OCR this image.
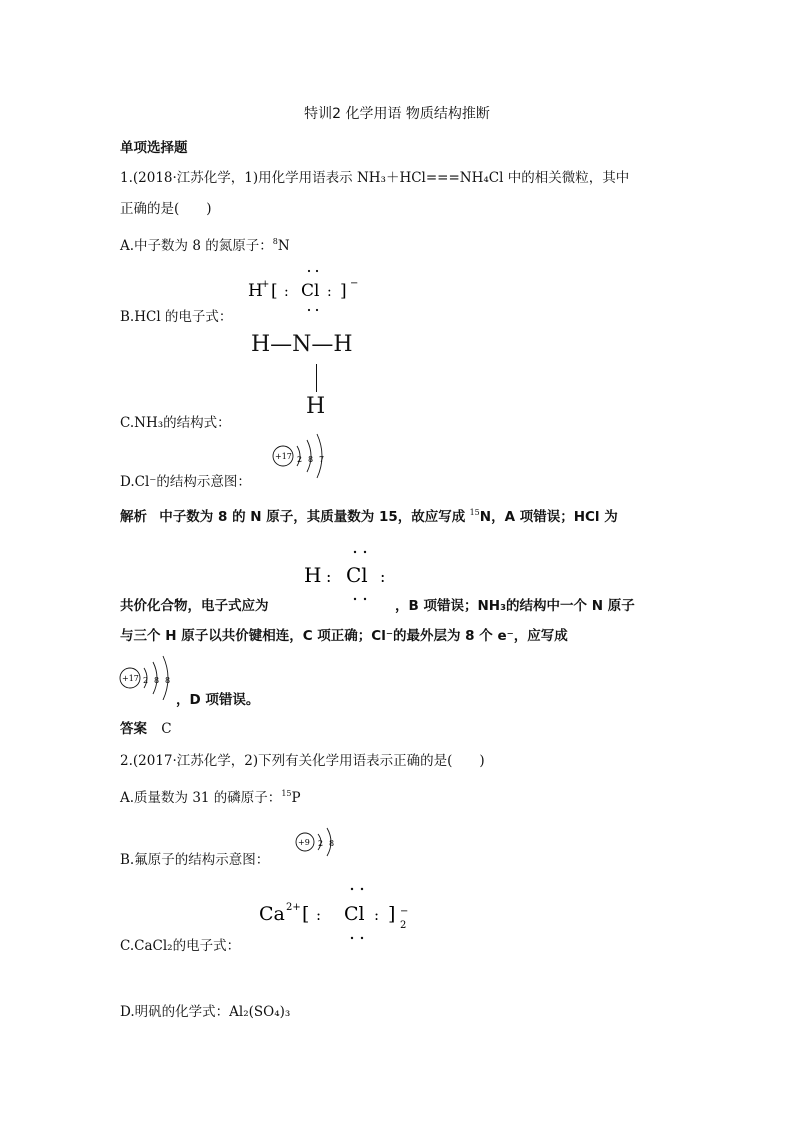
特训2 化学用语 物质结构推断
单项选择题
1.(2018·江苏化学，1)用化学用语表示 NH₃＋HCl===NH₄Cl 中的相关微粒，其中
正确的是(　　)
A.中子数为 8 的氮原子：$^8$N
H
+ [ : Cl : ] −
B.HCl 的电子式：
H—N—H
H
C.NH₃的结构式：
D.Cl⁻的结构示意图：
+17 2 8 7
解析 中子数为 8 的 N 原子，其质量数为 15，故应写成 $^{15}$N，A 项错误；HCl 为
H : Cl :
共价化合物，电子式应为	，B 项错误；NH₃的结构中一个 N 原子
与三个 H 原子以共价键相连，C 项正确；Cl⁻的最外层为 8 个 e⁻，应写成
+17 2 8 8
，D 项错误。
答案 C
2.(2017·江苏化学，2)下列有关化学用语表示正确的是(　　)
A.质量数为 31 的磷原子：$^{15}$P
B.氟原子的结构示意图：
+9 2 8
Ca 2+ [ : Cl : ] −
2
C.CaCl₂的电子式：
D.明矾的化学式：Al₂(SO₄)₃
